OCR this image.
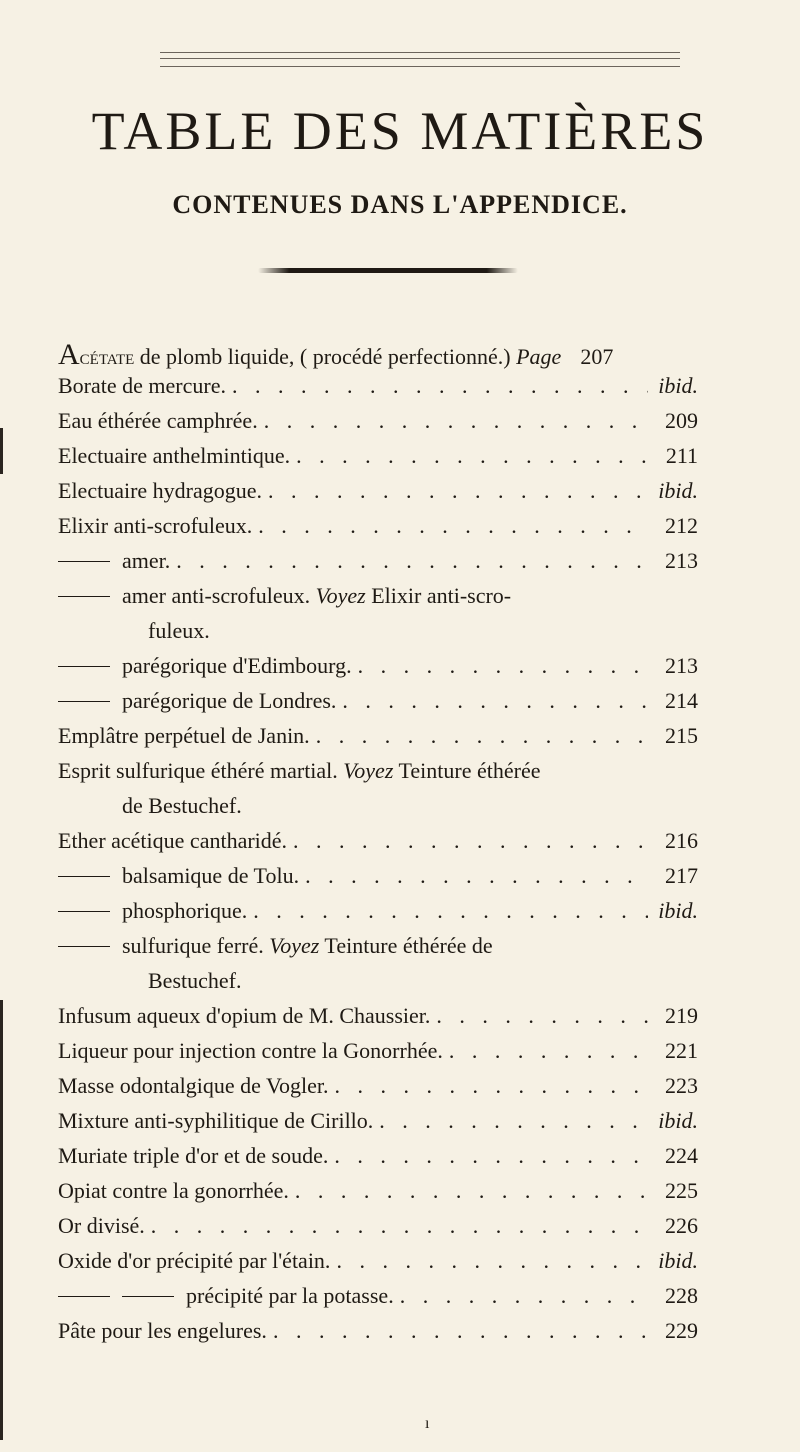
TABLE DES MATIÈRES
CONTENUES DANS L'APPENDICE.
Acétate de plomb liquide, ( procédé perfectionné.) Page 207
Borate de mercure. . . .	ibid.
Eau éthérée camphrée. . . .	209
Electuaire anthelmintique. . . .	211
Electuaire hydragogue. . . .	ibid.
Elixir anti-scrofuleux. . . .	212
amer. . . .	213
amer anti-scrofuleux. Voyez Elixir anti-scro-
fuleux.
parégorique d'Edimbourg. . . .	213
parégorique de Londres. . . .	214
Emplâtre perpétuel de Janin. . . .	215
Esprit sulfurique éthéré martial. Voyez Teinture éthérée
de Bestuchef.
Ether acétique cantharidé. . . .	216
balsamique de Tolu. . . .	217
phosphorique. . . .	ibid.
sulfurique ferré. Voyez Teinture éthérée de
Bestuchef.
Infusum aqueux d'opium de M. Chaussier. . . .	219
Liqueur pour injection contre la Gonorrhée. . . .	221
Masse odontalgique de Vogler. . . .	223
Mixture anti-syphilitique de Cirillo. . . .	ibid.
Muriate triple d'or et de soude. . . .	224
Opiat contre la gonorrhée. . . .	225
Or divisé. . . .	226
Oxide d'or précipité par l'étain. . . .	ibid.
précipité par la potasse. . . .	228
Pâte pour les engelures. . . .	229
ı
